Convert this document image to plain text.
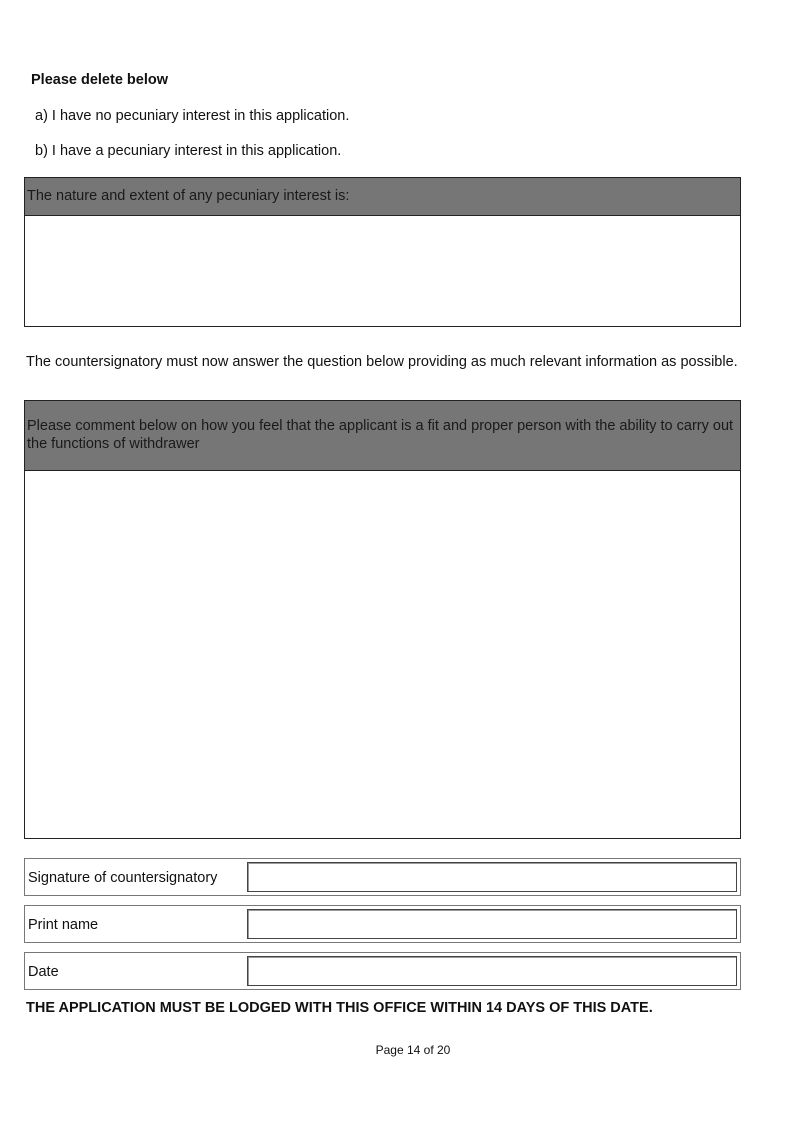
Please delete below
a) I have no pecuniary interest in this application.
b) I have a pecuniary interest in this application.
The nature and extent of any pecuniary interest is:
The countersignatory must now answer the question below providing as much relevant information as possible.
Please comment below on how you feel that the applicant is a fit and proper person with the ability to carry out the functions of withdrawer
Signature of countersignatory
Print name
Date
THE APPLICATION MUST BE LODGED WITH THIS OFFICE WITHIN 14 DAYS OF THIS DATE.
Page 14 of 20
